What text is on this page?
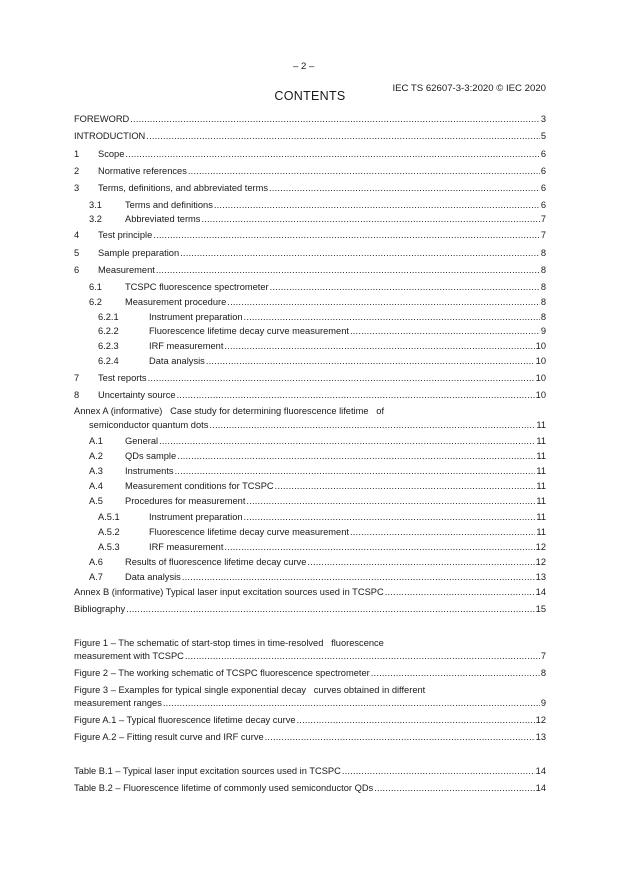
– 2 –

IEC TS 62607-3-3:2020 © IEC 2020

CONTENTS
FOREWORD .....	3
INTRODUCTION .....	5
1	Scope .....	6
2	Normative references .....	6
3	Terms, definitions, and abbreviated terms .....	6
3.1	Terms and definitions .....	6
3.2	Abbreviated terms .....	7
4	Test principle .....	7
5	Sample preparation .....	8
6	Measurement .....	8
6.1	TCSPC fluorescence spectrometer .....	8
6.2	Measurement procedure .....	8
6.2.1	Instrument preparation .....	8
6.2.2	Fluorescence lifetime decay curve measurement .....	9
6.2.3	IRF measurement .....	10
6.2.4	Data analysis .....	10
7	Test reports .....	10
8	Uncertainty source .....	10
Annex A (informative)   Case study for determining fluorescence lifetime   of
semiconductor quantum dots .....	11
A.1	General .....	11
A.2	QDs sample .....	11
A.3	Instruments .....	11
A.4	Measurement conditions for TCSPC .....	11
A.5	Procedures for measurement .....	11
A.5.1	Instrument preparation .....	11
A.5.2	Fluorescence lifetime decay curve measurement .....	11
A.5.3	IRF measurement .....	12
A.6	Results of fluorescence lifetime decay curve .....	12
A.7	Data analysis .....	13
Annex B (informative) Typical laser input excitation sources used in TCSPC .....	14
Bibliography .....	15
Figure 1 – The schematic of start-stop times in time-resolved   fluorescence
measurement with TCSPC .....	7
Figure 2 – The working schematic of TCSPC fluorescence spectrometer .....	8
Figure 3 – Examples for typical single exponential decay   curves obtained in different
measurement ranges .....	9
Figure A.1 – Typical fluorescence lifetime decay curve .....	12
Figure A.2 – Fitting result curve and IRF curve .....	13
Table B.1 – Typical laser input excitation sources used in TCSPC .....	14
Table B.2 – Fluorescence lifetime of commonly used semiconductor QDs .....	14
